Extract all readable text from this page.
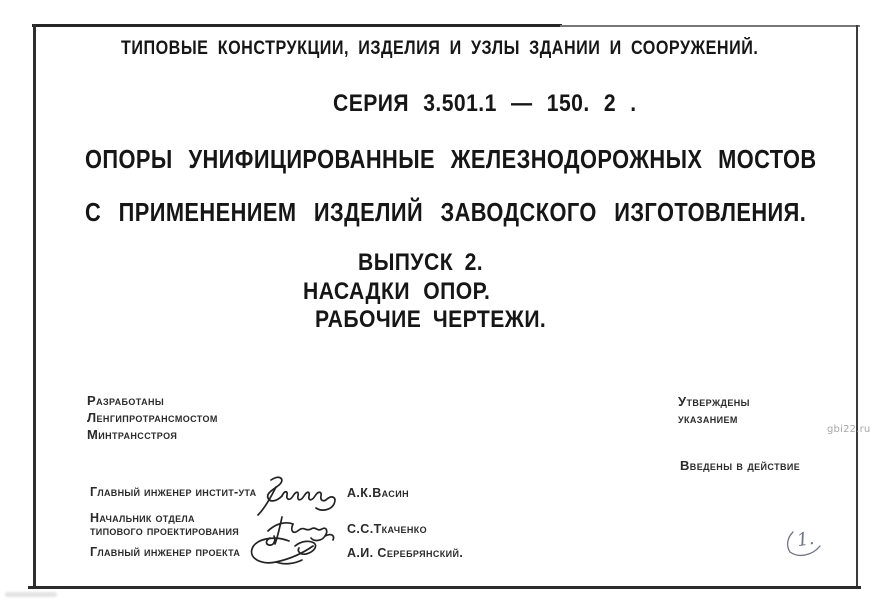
ТИПОВЫЕ КОНСТРУКЦИИ, ИЗДЕЛИЯ И УЗЛЫ ЗДАНИИ И СООРУЖЕНИЙ.
СЕРИЯ 3.501.1 — 150. 2 .
ОПОРЫ УНИФИЦИРОВАННЫЕ ЖЕЛЕЗНОДОРОЖНЫХ МОСТОВ
С ПРИМЕНЕНИЕМ ИЗДЕЛИЙ ЗАВОДСКОГО ИЗГОТОВЛЕНИЯ.
ВЫПУСК 2.
НАСАДКИ ОПОР.
РАБОЧИЕ ЧЕРТЕЖИ.
Разработаны
Ленгипротрансмостом
Минтрансстроя
Утверждены
указанием
Введены в действие
Главный инженер инстит-ута	А.К.Васин
Начальник отдела
типового проектирования	С.С.Ткаченко
Главный инженер проекта	А.И. Серебрянский.
1.
gbi22.ru
